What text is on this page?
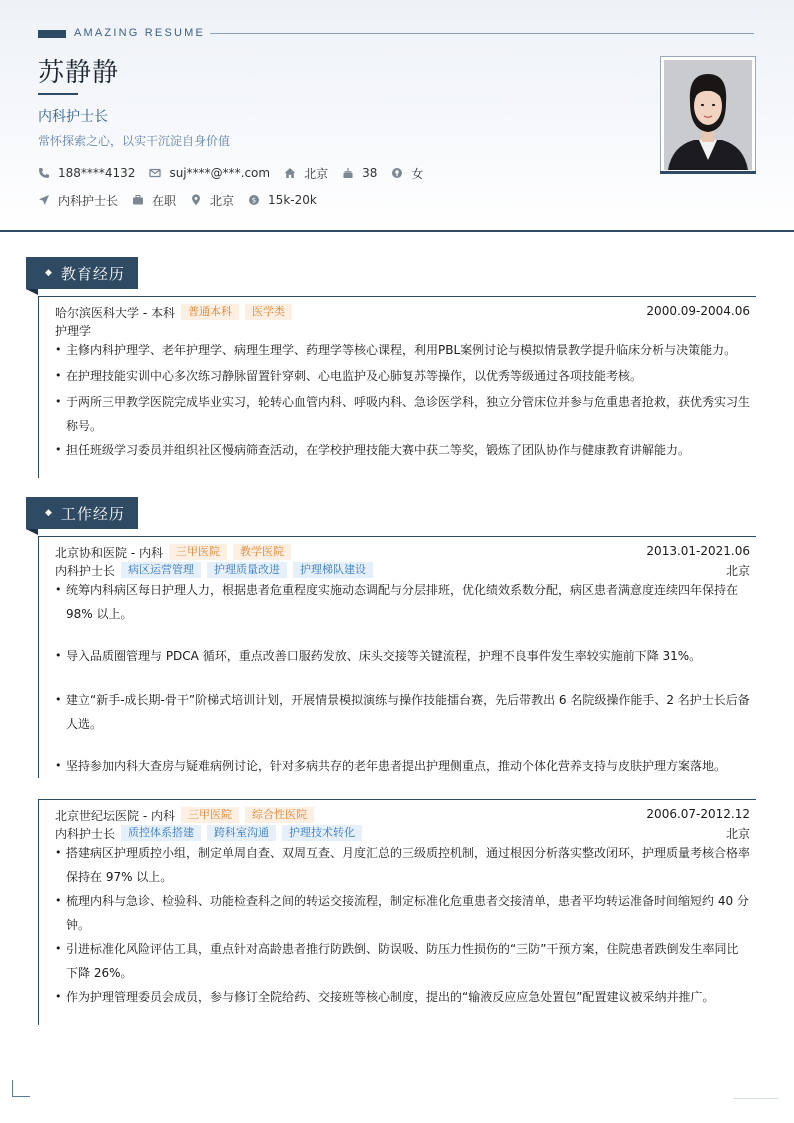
AMAZING RESUME
苏静静
内科护士长
常怀探索之心，以实干沉淀自身价值
188****4132	suj****@***.com	北京	38	女
内科护士长	在职	北京	$ 15k-20k
◆ 教育经历
哈尔滨医科大学 - 本科	普通本科	医学类	2000.09-2004.06
护理学
• 主修内科护理学、老年护理学、病理生理学、药理学等核心课程，利用PBL案例讨论与模拟情景教学提升临床分析与决策能力。
• 在护理技能实训中心多次练习静脉留置针穿刺、心电监护及心肺复苏等操作，以优秀等级通过各项技能考核。
• 于两所三甲教学医院完成毕业实习，轮转心血管内科、呼吸内科、急诊医学科，独立分管床位并参与危重患者抢救，获优秀实习生称号。
• 担任班级学习委员并组织社区慢病筛查活动，在学校护理技能大赛中获二等奖，锻炼了团队协作与健康教育讲解能力。
◆ 工作经历
北京协和医院 - 内科	三甲医院	教学医院	2013.01-2021.06
内科护士长	病区运营管理	护理质量改进	护理梯队建设	北京
• 统筹内科病区每日护理人力，根据患者危重程度实施动态调配与分层排班，优化绩效系数分配，病区患者满意度连续四年保持在 98% 以上。
• 导入品质圈管理与 PDCA 循环，重点改善口服药发放、床头交接等关键流程，护理不良事件发生率较实施前下降 31%。
• 建立“新手-成长期-骨干”阶梯式培训计划，开展情景模拟演练与操作技能擂台赛，先后带教出 6 名院级操作能手、2 名护士长后备人选。
• 坚持参加内科大查房与疑难病例讨论，针对多病共存的老年患者提出护理侧重点，推动个体化营养支持与皮肤护理方案落地。
北京世纪坛医院 - 内科	三甲医院	综合性医院	2006.07-2012.12
内科护士长	质控体系搭建	跨科室沟通	护理技术转化	北京
• 搭建病区护理质控小组，制定单周自查、双周互查、月度汇总的三级质控机制，通过根因分析落实整改闭环，护理质量考核合格率保持在 97% 以上。
• 梳理内科与急诊、检验科、功能检查科之间的转运交接流程，制定标准化危重患者交接清单，患者平均转运准备时间缩短约 40 分钟。
• 引进标准化风险评估工具，重点针对高龄患者推行防跌倒、防误吸、防压力性损伤的“三防”干预方案，住院患者跌倒发生率同比下降 26%。
• 作为护理管理委员会成员，参与修订全院给药、交接班等核心制度，提出的“输液反应应急处置包”配置建议被采纳并推广。
